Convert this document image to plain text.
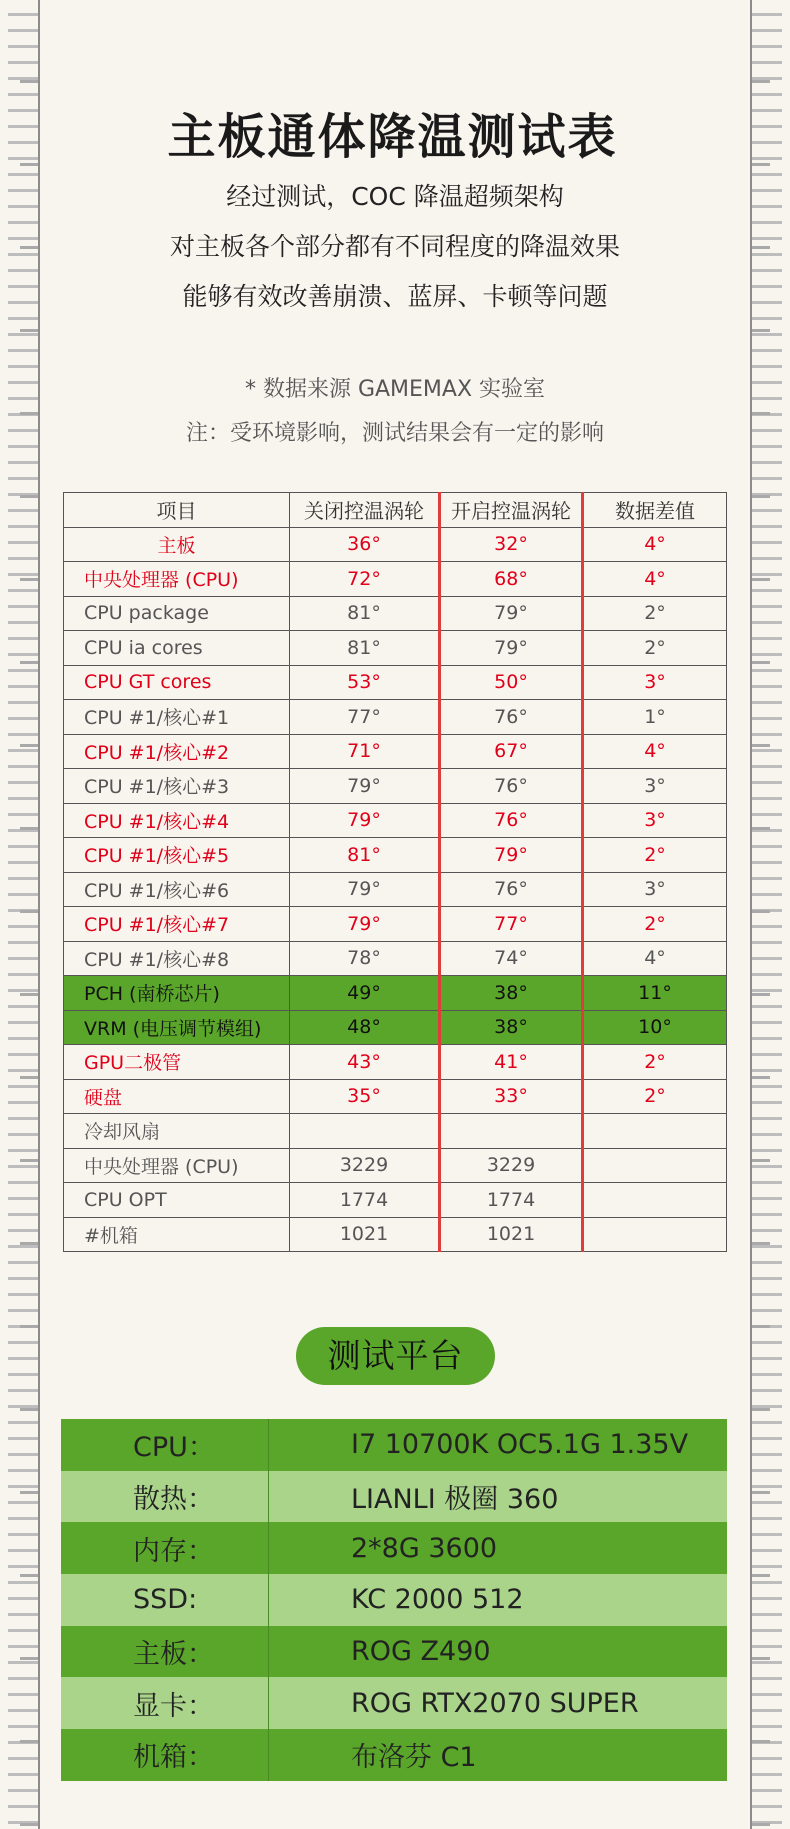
主板通体降温测试表
经过测试，COC 降温超频架构
对主板各个部分都有不同程度的降温效果
能够有效改善崩溃、蓝屏、卡顿等问题
* 数据来源 GAMEMAX 实验室
注：受环境影响，测试结果会有一定的影响
项目	关闭控温涡轮	开启控温涡轮	数据差值
主板	36°	32°	4°
中央处理器 (CPU)	72°	68°	4°
CPU package	81°	79°	2°
CPU ia cores	81°	79°	2°
CPU GT cores	53°	50°	3°
CPU #1/核心#1	77°	76°	1°
CPU #1/核心#2	71°	67°	4°
CPU #1/核心#3	79°	76°	3°
CPU #1/核心#4	79°	76°	3°
CPU #1/核心#5	81°	79°	2°
CPU #1/核心#6	79°	76°	3°
CPU #1/核心#7	79°	77°	2°
CPU #1/核心#8	78°	74°	4°
PCH (南桥芯片)	49°	38°	11°
VRM (电压调节模组)	48°	38°	10°
GPU二极管	43°	41°	2°
硬盘	35°	33°	2°
冷却风扇			
中央处理器 (CPU)	3229	3229	
CPU OPT	1774	1774	
#机箱	1021	1021	
测试平台
CPU：	I7 10700K OC5.1G 1.35V
散热：	LIANLI 极圈 360
内存：	2*8G 3600
SSD:	KC 2000 512
主板：	ROG Z490
显卡：	ROG RTX2070 SUPER
机箱：	布洛芬 C1
